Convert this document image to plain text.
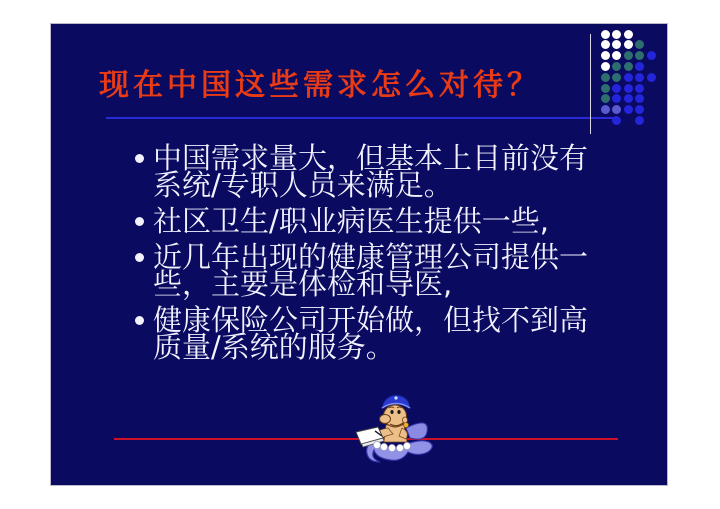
现在中国这些需求怎么对待？
中国需求量大，但基本上目前没有系统/专职人员来满足。
社区卫生/职业病医生提供一些,
近几年出现的健康管理公司提供一些，主要是体检和导医,
健康保险公司开始做，但找不到高质量/系统的服务。
